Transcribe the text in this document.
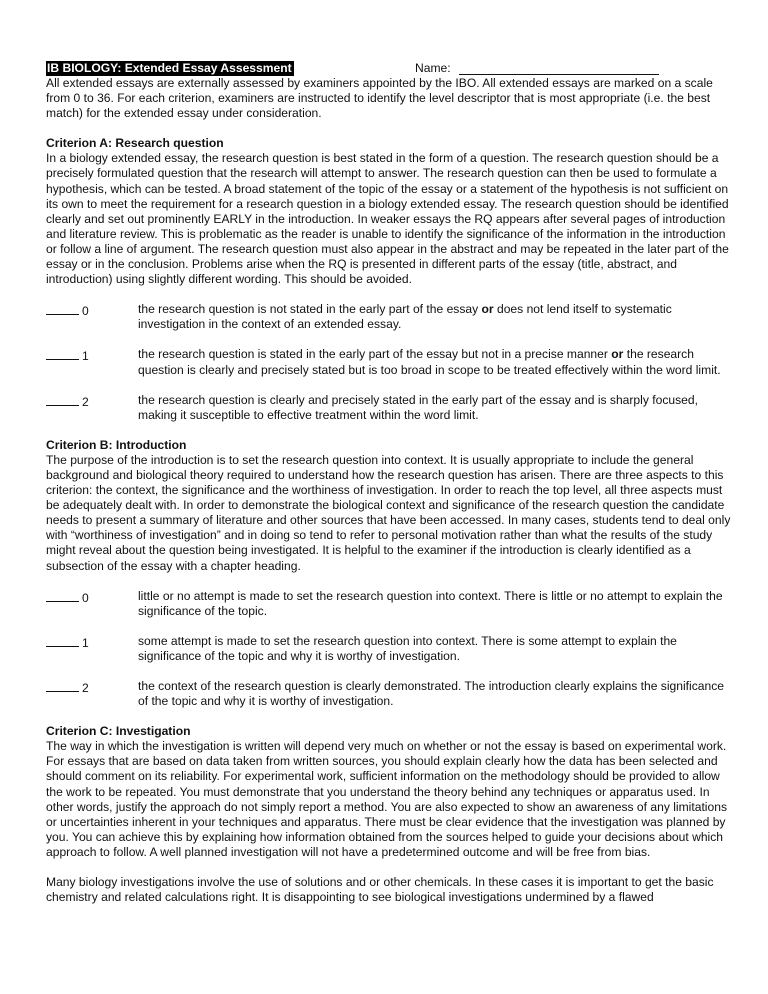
IB BIOLOGY: Extended Essay Assessment	Name:

All extended essays are externally assessed by examiners appointed by the IBO. All extended essays are marked on a scale from 0 to 36. For each criterion, examiners are instructed to identify the level descriptor that is most appropriate (i.e. the best match) for the extended essay under consideration.

Criterion A: Research question

In a biology extended essay, the research question is best stated in the form of a question. The research question should be a precisely formulated question that the research will attempt to answer. The research question can then be used to formulate a hypothesis, which can be tested. A broad statement of the topic of the essay or a statement of the hypothesis is not sufficient on its own to meet the requirement for a research question in a biology extended essay. The research question should be identified clearly and set out prominently EARLY in the introduction. In weaker essays the RQ appears after several pages of introduction and literature review. This is problematic as the reader is unable to identify the significance of the information in the introduction or follow a line of argument. The research question must also appear in the abstract and may be repeated in the later part of the essay or in the conclusion. Problems arise when the RQ is presented in different parts of the essay (title, abstract, and introduction) using slightly different wording. This should be avoided.

0	the research question is not stated in the early part of the essay or does not lend itself to systematic investigation in the context of an extended essay.
1	the research question is stated in the early part of the essay but not in a precise manner or the research question is clearly and precisely stated but is too broad in scope to be treated effectively within the word limit.
2	the research question is clearly and precisely stated in the early part of the essay and is sharply focused, making it susceptible to effective treatment within the word limit.

Criterion B: Introduction

The purpose of the introduction is to set the research question into context. It is usually appropriate to include the general background and biological theory required to understand how the research question has arisen. There are three aspects to this criterion: the context, the significance and the worthiness of investigation. In order to reach the top level, all three aspects must be adequately dealt with. In order to demonstrate the biological context and significance of the research question the candidate needs to present a summary of literature and other sources that have been accessed. In many cases, students tend to deal only with “worthiness of investigation” and in doing so tend to refer to personal motivation rather than what the results of the study might reveal about the question being investigated. It is helpful to the examiner if the introduction is clearly identified as a subsection of the essay with a chapter heading.

0	little or no attempt is made to set the research question into context. There is little or no attempt to explain the significance of the topic.
1	some attempt is made to set the research question into context. There is some attempt to explain the significance of the topic and why it is worthy of investigation.
2	the context of the research question is clearly demonstrated. The introduction clearly explains the significance of the topic and why it is worthy of investigation.

Criterion C: Investigation

The way in which the investigation is written will depend very much on whether or not the essay is based on experimental work. For essays that are based on data taken from written sources, you should explain clearly how the data has been selected and should comment on its reliability. For experimental work, sufficient information on the methodology should be provided to allow the work to be repeated. You must demonstrate that you understand the theory behind any techniques or apparatus used. In other words, justify the approach do not simply report a method. You are also expected to show an awareness of any limitations or uncertainties inherent in your techniques and apparatus. There must be clear evidence that the investigation was planned by you. You can achieve this by explaining how information obtained from the sources helped to guide your decisions about which approach to follow. A well planned investigation will not have a predetermined outcome and will be free from bias.

Many biology investigations involve the use of solutions and or other chemicals. In these cases it is important to get the basic chemistry and related calculations right. It is disappointing to see biological investigations undermined by a flawed
